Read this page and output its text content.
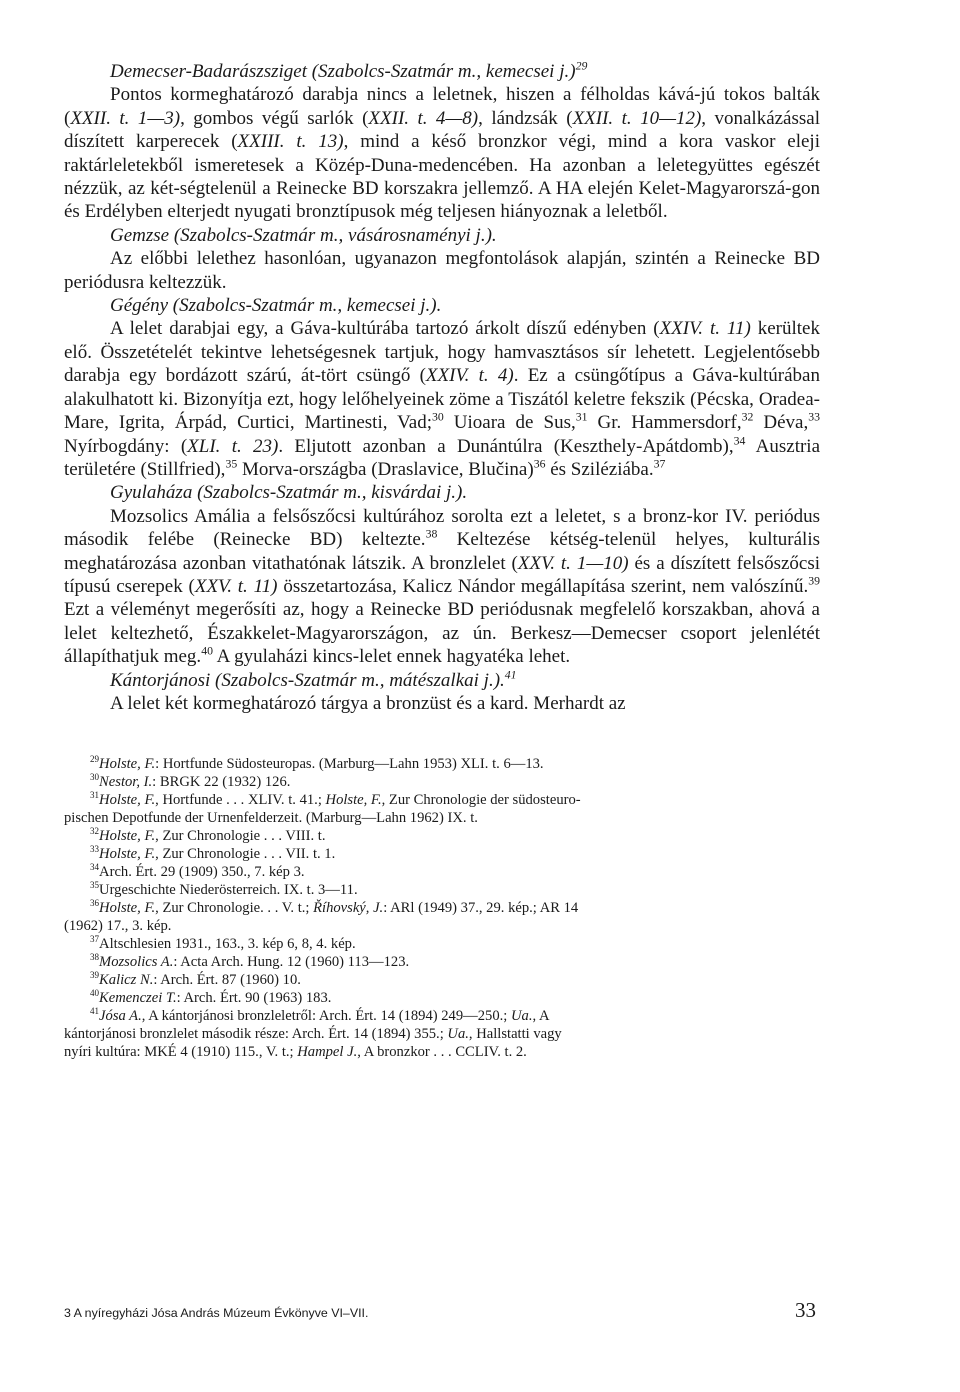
Demecser-Badarászsziget (Szabolcs-Szatmár m., kemecsei j.)$^{29}$

Pontos kormeghatározó darabja nincs a leletnek, hiszen a félholdas kává-jú tokos balták (XXII. t. 1—3), gombos végű sarlók (XXII. t. 4—8), lándzsák (XXII. t. 10—12), vonalkázással díszített karperecek (XXIII. t. 13), mind a késő bronzkor végi, mind a kora vaskor eleji raktárleletekből ismeretesek a Közép-Duna-medencében. Ha azonban a leletegyüttes egészét nézzük, az két-ségtelenül a Reinecke BD korszakra jellemző. A HA elején Kelet-Magyarorszá-gon és Erdélyben elterjedt nyugati bronztípusok még teljesen hiányoznak a leletből.

Gemzse (Szabolcs-Szatmár m., vásárosnaményi j.).

Az előbbi lelethez hasonlóan, ugyanazon megfontolások alapján, szintén a Reinecke BD periódusra keltezzük.

Gégény (Szabolcs-Szatmár m., kemecsei j.).

A lelet darabjai egy, a Gáva-kultúrába tartozó árkolt díszű edényben (XXIV. t. 11) kerültek elő. Összetételét tekintve lehetségesnek tartjuk, hogy hamvasztásos sír lehetett. Legjelentősebb darabja egy bordázott szárú, át-tört csüngő (XXIV. t. 4). Ez a csüngőtípus a Gáva-kultúrában alakulhatott ki. Bizonyítja ezt, hogy lelőhelyeinek zöme a Tiszától keletre fekszik (Pécska, Oradea-Mare, Igrita, Árpád, Curtici, Martinesti, Vad;$^{30}$ Uioara de Sus,$^{31}$ Gr. Hammersdorf,$^{32}$ Déva,$^{33}$ Nyírbogdány: (XLI. t. 23). Eljutott azonban a Dunántúlra (Keszthely-Apátdomb),$^{34}$ Ausztria területére (Stillfried),$^{35}$ Morva-országba (Draslavice, Blučina)$^{36}$ és Sziléziába.$^{37}$

Gyulaháza (Szabolcs-Szatmár m., kisvárdai j.).

Mozsolics Amália a felsőszőcsi kultúrához sorolta ezt a leletet, s a bronz-kor IV. periódus második felébe (Reinecke BD) keltezte.$^{38}$ Keltezése kétség-telenül helyes, kulturális meghatározása azonban vitathatónak látszik. A bronzlelet (XXV. t. 1—10) és a díszített felsőszőcsi típusú cserepek (XXV. t. 11) összetartozása, Kalicz Nándor megállapítása szerint, nem valószínű.$^{39}$ Ezt a véleményt megerősíti az, hogy a Reinecke BD periódusnak megfelelő korszakban, ahová a lelet keltezhető, Északkelet-Magyarországon, az ún. Berkesz—Demecser csoport jelenlétét állapíthatjuk meg.$^{40}$ A gyulaházi kincs-lelet ennek hagyatéka lehet.

Kántorjánosi (Szabolcs-Szatmár m., mátészalkai j.).$^{41}$

A lelet két kormeghatározó tárgya a bronzüst és a kard. Merhardt az

$^{29}$Holste, F.: Hortfunde Südosteuropas. (Marburg—Lahn 1953) XLI. t. 6—13.

$^{30}$Nestor, I.: BRGK 22 (1932) 126.

$^{31}$Holste, F., Hortfunde . . . XLIV. t. 41.; Holste, F., Zur Chronologie der südosteuro-

pischen Depotfunde der Urnenfelderzeit. (Marburg—Lahn 1962) IX. t.

$^{32}$Holste, F., Zur Chronologie . . . VIII. t.

$^{33}$Holste, F., Zur Chronologie . . . VII. t. 1.

$^{34}$Arch. Ért. 29 (1909) 350., 7. kép 3.

$^{35}$Urgeschichte Niederösterreich. IX. t. 3—11.

$^{36}$Holste, F., Zur Chronologie. . . V. t.; Říhovský, J.: ARl (1949) 37., 29. kép.; AR 14

(1962) 17., 3. kép.

$^{37}$Altschlesien 1931., 163., 3. kép 6, 8, 4. kép.

$^{38}$Mozsolics A.: Acta Arch. Hung. 12 (1960) 113—123.

$^{39}$Kalicz N.: Arch. Ért. 87 (1960) 10.

$^{40}$Kemenczei T.: Arch. Ért. 90 (1963) 183.

$^{41}$Jósa A., A kántorjánosi bronzleletről: Arch. Ért. 14 (1894) 249—250.; Ua., A

kántorjánosi bronzlelet második része: Arch. Ért. 14 (1894) 355.; Ua., Hallstatti vagy

nyíri kultúra: MKÉ 4 (1910) 115., V. t.; Hampel J., A bronzkor . . . CCLIV. t. 2.

3 A nyíregyházi Jósa András Múzeum Évkönyve VI–VII.	33
